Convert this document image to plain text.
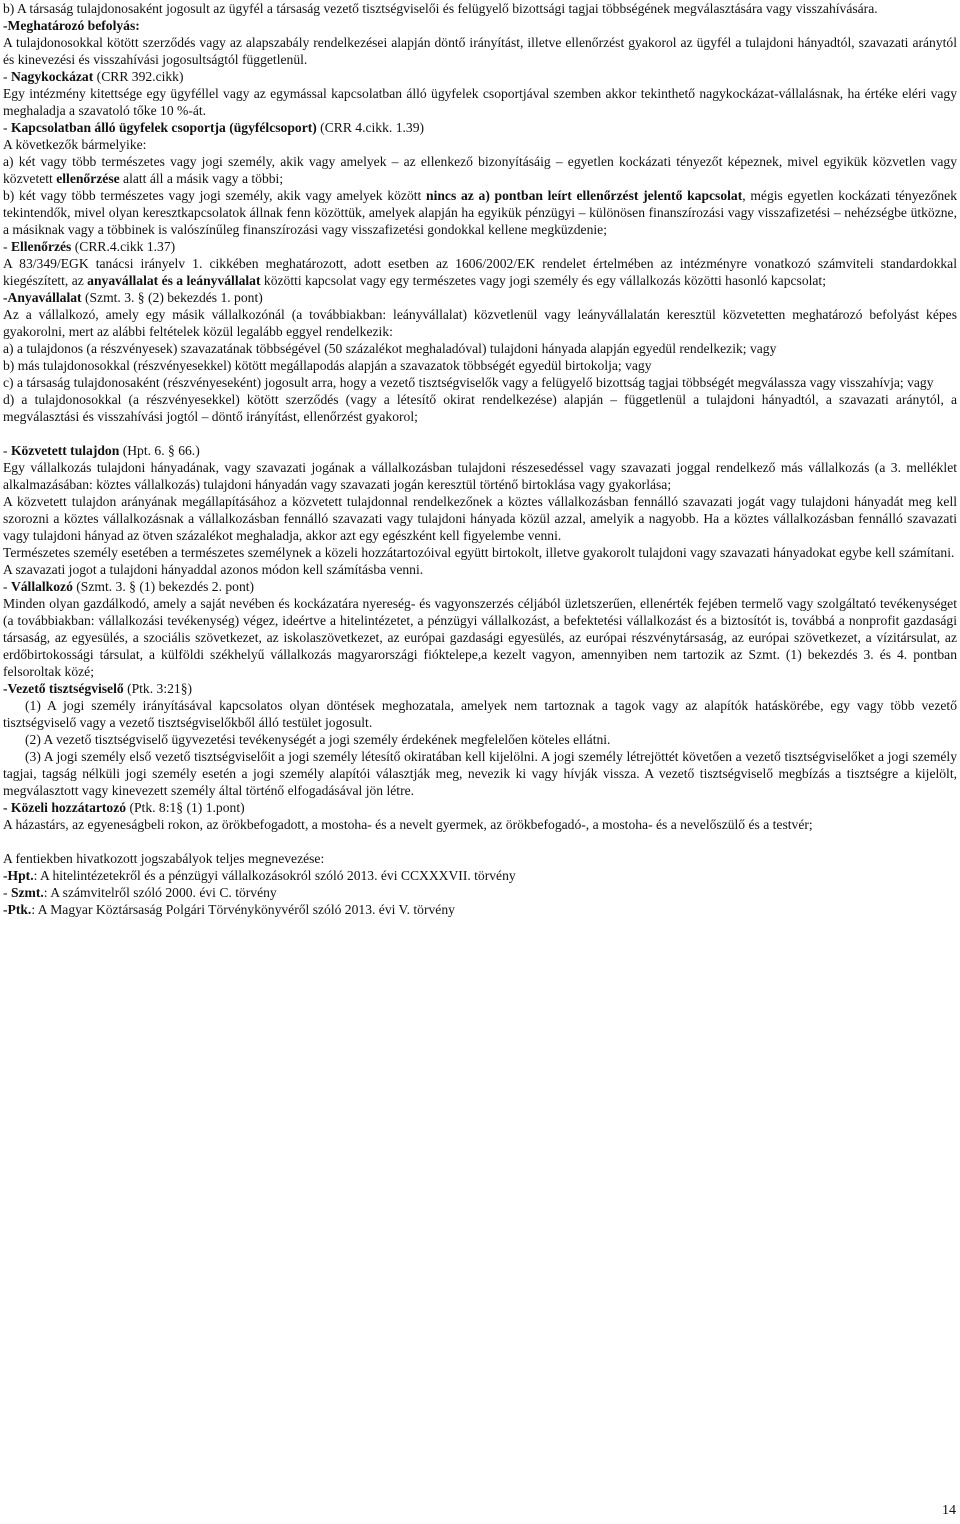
b) A társaság tulajdonosaként jogosult az ügyfél a társaság vezető tisztségviselői és felügyelő bizottsági tagjai többségének megválasztására vagy visszahívására.

-Meghatározó befolyás:

A tulajdonosokkal kötött szerződés vagy az alapszabály rendelkezései alapján döntő irányítást, illetve ellenőrzést gyakorol az ügyfél a tulajdoni hányadtól, szavazati aránytól és kinevezési és visszahívási jogosultságtól függetlenül.

- Nagykockázat (CRR 392.cikk)

Egy intézmény kitettsége egy ügyféllel vagy az egymással kapcsolatban álló ügyfelek csoportjával szemben akkor tekinthető nagykockázat-vállalásnak, ha értéke eléri vagy meghaladja a szavatoló tőke 10 %-át.

- Kapcsolatban álló ügyfelek csoportja (ügyfélcsoport) (CRR 4.cikk. 1.39)

A következők bármelyike:

a) két vagy több természetes vagy jogi személy, akik vagy amelyek – az ellenkező bizonyításáig – egyetlen kockázati tényezőt képeznek, mivel egyikük közvetlen vagy közvetett ellenőrzése alatt áll a másik vagy a többi;

b) két vagy több természetes vagy jogi személy, akik vagy amelyek között nincs az a) pontban leírt ellenőrzést jelentő kapcsolat, mégis egyetlen kockázati tényezőnek tekintendők, mivel olyan keresztkapcsolatok állnak fenn közöttük, amelyek alapján ha egyikük pénzügyi – különösen finanszírozási vagy visszafizetési – nehézségbe ütközne, a másiknak vagy a többinek is valószínűleg finanszírozási vagy visszafizetési gondokkal kellene megküzdenie;

- Ellenőrzés (CRR.4.cikk 1.37)

A 83/349/EGK tanácsi irányelv 1. cikkében meghatározott, adott esetben az 1606/2002/EK rendelet értelmében az intézményre vonatkozó számviteli standardokkal kiegészített, az anyavállalat és a leányvállalat közötti kapcsolat vagy egy természetes vagy jogi személy és egy vállalkozás közötti hasonló kapcsolat;

-Anyavállalat (Szmt. 3. § (2) bekezdés 1. pont)

Az a vállalkozó, amely egy másik vállalkozónál (a továbbiakban: leányvállalat) közvetlenül vagy leányvállalatán keresztül közvetetten meghatározó befolyást képes gyakorolni, mert az alábbi feltételek közül legalább eggyel rendelkezik:

a) a tulajdonos (a részvényesek) szavazatának többségével (50 százalékot meghaladóval) tulajdoni hányada alapján egyedül rendelkezik; vagy

b) más tulajdonosokkal (részvényesekkel) kötött megállapodás alapján a szavazatok többségét egyedül birtokolja; vagy

c) a társaság tulajdonosaként (részvényeseként) jogosult arra, hogy a vezető tisztségviselők vagy a felügyelő bizottság tagjai többségét megválassza vagy visszahívja; vagy

d) a tulajdonosokkal (a részvényesekkel) kötött szerződés (vagy a létesítő okirat rendelkezése) alapján – függetlenül a tulajdoni hányadtól, a szavazati aránytól, a megválasztási és visszahívási jogtól – döntő irányítást, ellenőrzést gyakorol;

- Közvetett tulajdon (Hpt. 6. § 66.)

Egy vállalkozás tulajdoni hányadának, vagy szavazati jogának a vállalkozásban tulajdoni részesedéssel vagy szavazati joggal rendelkező más vállalkozás (a 3. melléklet alkalmazásában: köztes vállalkozás) tulajdoni hányadán vagy szavazati jogán keresztül történő birtoklása vagy gyakorlása;

A közvetett tulajdon arányának megállapításához a közvetett tulajdonnal rendelkezőnek a köztes vállalkozásban fennálló szavazati jogát vagy tulajdoni hányadát meg kell szorozni a köztes vállalkozásnak a vállalkozásban fennálló szavazati vagy tulajdoni hányada közül azzal, amelyik a nagyobb. Ha a köztes vállalkozásban fennálló szavazati vagy tulajdoni hányad az ötven százalékot meghaladja, akkor azt egy egészként kell figyelembe venni.

Természetes személy esetében a természetes személynek a közeli hozzátartozóival együtt birtokolt, illetve gyakorolt tulajdoni vagy szavazati hányadokat egybe kell számítani.

A szavazati jogot a tulajdoni hányaddal azonos módon kell számításba venni.

- Vállalkozó (Szmt. 3. § (1) bekezdés 2. pont)

Minden olyan gazdálkodó, amely a saját nevében és kockázatára nyereség- és vagyonszerzés céljából üzletszerűen, ellenérték fejében termelő vagy szolgáltató tevékenységet (a továbbiakban: vállalkozási tevékenység) végez, ideértve a hitelintézetet, a pénzügyi vállalkozást, a befektetési vállalkozást és a biztosítót is, továbbá a nonprofit gazdasági társaság, az egyesülés, a szociális szövetkezet, az iskolaszövetkezet, az európai gazdasági egyesülés, az európai részvénytársaság, az európai szövetkezet, a vízitársulat, az erdőbirtokossági társulat, a külföldi székhelyű vállalkozás magyarországi fióktelepe,a kezelt vagyon, amennyiben nem tartozik az Szmt. (1) bekezdés 3. és 4. pontban felsoroltak közé;

-Vezető tisztségviselő (Ptk. 3:21§)

(1) A jogi személy irányításával kapcsolatos olyan döntések meghozatala, amelyek nem tartoznak a tagok vagy az alapítók hatáskörébe, egy vagy több vezető tisztségviselő vagy a vezető tisztségviselőkből álló testület jogosult.

(2) A vezető tisztségviselő ügyvezetési tevékenységét a jogi személy érdekének megfelelően köteles ellátni.

(3) A jogi személy első vezető tisztségviselőit a jogi személy létesítő okiratában kell kijelölni. A jogi személy létrejöttét követően a vezető tisztségviselőket a jogi személy tagjai, tagság nélküli jogi személy esetén a jogi személy alapítói választják meg, nevezik ki vagy hívják vissza. A vezető tisztségviselő megbízás a tisztségre a kijelölt, megválasztott vagy kinevezett személy által történő elfogadásával jön létre.

- Közeli hozzátartozó (Ptk. 8:1§ (1) 1.pont)

A házastárs, az egyeneságbeli rokon, az örökbefogadott, a mostoha- és a nevelt gyermek, az örökbefogadó-, a mostoha- és a nevelőszülő és a testvér;

A fentiekben hivatkozott jogszabályok teljes megnevezése:

-Hpt.: A hitelintézetekről és a pénzügyi vállalkozásokról szóló 2013. évi CCXXXVII. törvény

- Szmt.: A számvitelről szóló 2000. évi C. törvény

-Ptk.: A Magyar Köztársaság Polgári Törvénykönyvéről szóló 2013. évi V. törvény

14
